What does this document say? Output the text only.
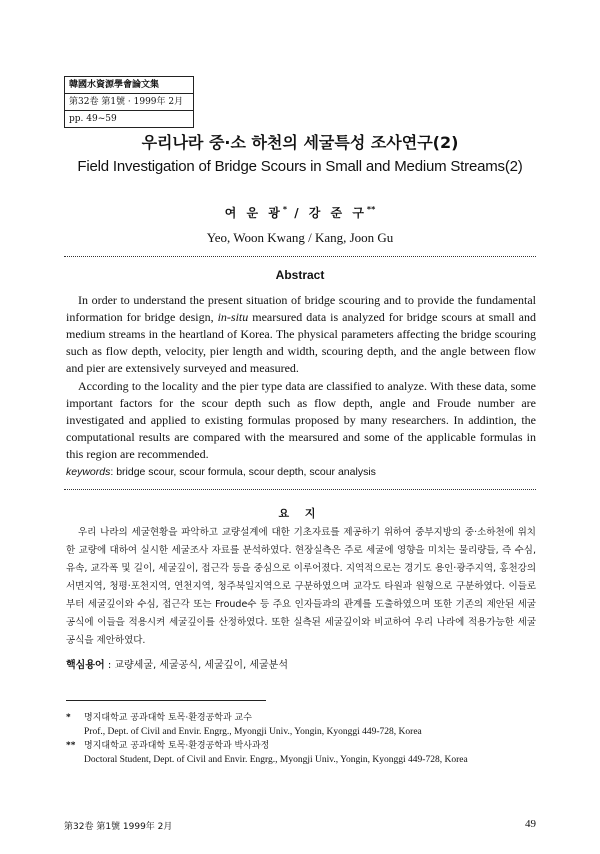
韓國水資源學會論文集
第32卷 第1號 · 1999年 2月
pp. 49~59
우리나라 중·소 하천의 세굴특성 조사연구(2)
Field Investigation of Bridge Scours in Small and Medium Streams(2)
여 운 광* / 강 준 구**
Yeo, Woon Kwang / Kang, Joon Gu
Abstract
In order to understand the present situation of bridge scouring and to provide the fundamental information for bridge design, in-situ mearsured data is analyzed for bridge scours at small and medium streams in the heartland of Korea. The physical parameters affecting the bridge scouring such as flow depth, velocity, pier length and width, scouring depth, and the angle between flow and pier are extensively surveyed and measured.
According to the locality and the pier type data are classified to analyze. With these data, some important factors for the scour depth such as flow depth, angle and Froude number are investigated and applied to existing formulas proposed by many researchers. In addintion, the computational results are compared with the mearsured and some of the applicable formulas in this region are recommended.
keywords: bridge scour, scour formula, scour depth, scour analysis
요 지
우리 나라의 세굴현황을 파악하고 교량설계에 대한 기초자료를 제공하기 위하여 중부지방의 중·소하천에 위치한 교량에 대하여 실시한 세굴조사 자료를 분석하였다. 현장실측은 주로 세굴에 영향을 미치는 물리량들, 즉 수심, 유속, 교각폭 및 길이, 세굴깊이, 접근각 등을 중심으로 이루어졌다. 지역적으로는 경기도 용인·광주지역, 홍천강의 서면지역, 청평·포천지역, 연천지역, 청주북일지역으로 구분하였으며 교각도 타원과 원형으로 구분하였다. 이들로부터 세굴깊이와 수심, 접근각 또는 Froude수 등 주요 인자들과의 관계를 도출하였으며 또한 기존의 제안된 세굴공식에 이들을 적용시켜 세굴깊이를 산정하였다. 또한 실측된 세굴깊이와 비교하여 우리 나라에 적용가능한 세굴공식을 제안하였다.
핵심용어 : 교량세굴, 세굴공식, 세굴깊이, 세굴분석
* 명지대학교 공과대학 토목·환경공학과 교수
Prof., Dept. of Civil and Envir. Engrg., Myongji Univ., Yongin, Kyonggi 449-728, Korea
** 명지대학교 공과대학 토목·환경공학과 박사과정
Doctoral Student, Dept. of Civil and Envir. Engrg., Myongji Univ., Yongin, Kyonggi 449-728, Korea
第32卷 第1號 1999年 2月	49
